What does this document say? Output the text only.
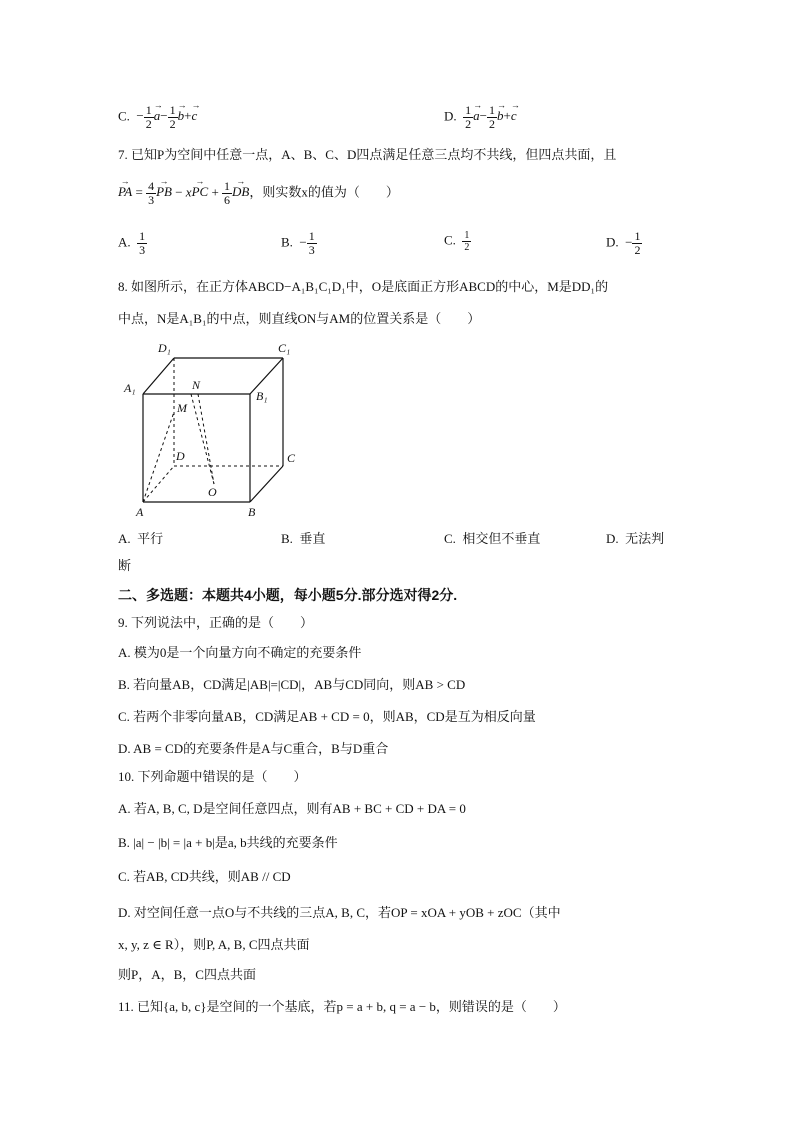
C. − $\frac{1}{2}$
→ $a- \frac{1}{2}$
→ b+→ c	D. $\frac{1}{2}$
→ $a- \frac{1}{2}$
→ b+→ c
7. 已知P为空间中任意一点，A、B、C、D四点满足任意三点均不共线，但四点共面，且
→ PA = $\frac{4}{3}$
→ PB − x→ PC + $\frac{1}{6}$
→ DB，则实数x的值为（　　）
A. $\frac{1}{3}$	B.  − $\frac{1}{3}$	C. $\frac{1}{2}$	D.  − $\frac{1}{2}$
8. 如图所示，在正方体ABCD−A₁B₁C₁D₁中，O是底面正方形ABCD的中心，M是DD₁的
中点，N是A₁B₁的中点，则直线ON与AM的位置关系是（　　）
D₁	C₁
A₁
B₁
N
M
D	C
O
A	B
A. 平行	B. 垂直	C. 相交但不垂直	D. 无法判
断
二、多选题：本题共4小题，每小题5分.部分选对得2分.
9. 下列说法中，正确的是（　　）
A. 模为0是一个向量方向不确定的充要条件
B. 若向量AB，CD满足|AB|=|CD|，AB与CD同向，则AB > CD
C. 若两个非零向量AB，CD满足AB + CD = 0，则AB，CD是互为相反向量
D. AB = CD的充要条件是A与C重合，B与D重合
10. 下列命题中错误的是（　　）
A. 若A, B, C, D是空间任意四点，则有AB + BC + CD + DA = 0
B. |a| − |b| = |a + b|是a, b共线的充要条件
C. 若AB, CD共线，则AB // CD
D. 对空间任意一点O与不共线的三点A, B, C，若OP = xOA + yOB + zOC（其中
x, y, z ∈ R），则P, A, B, C四点共面
则P，A，B，C四点共面
11. 已知{a, b, c}是空间的一个基底，若p = a + b, q = a − b，则错误的是（　　）
